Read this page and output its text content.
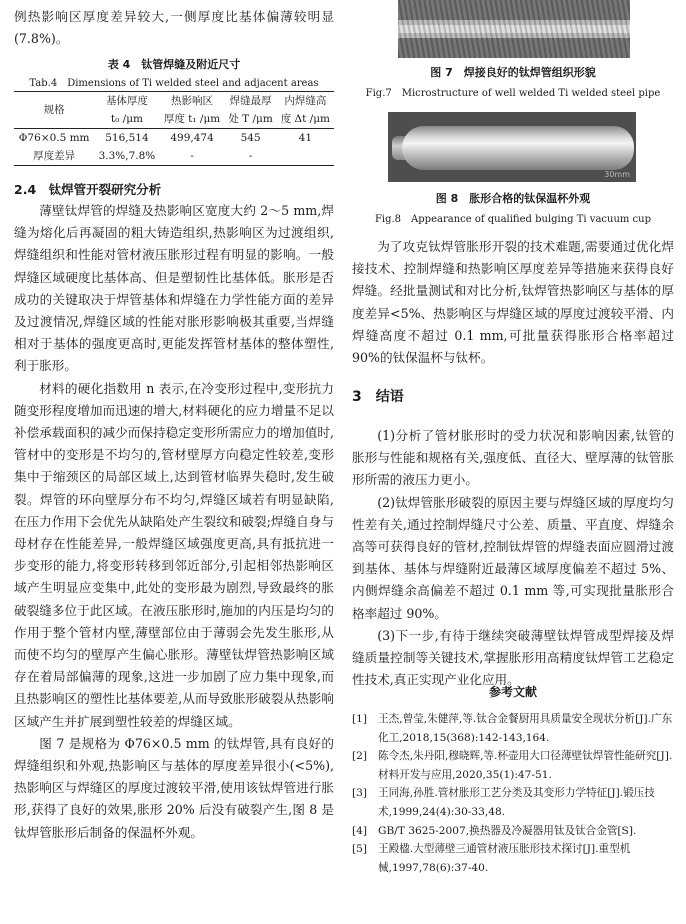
例热影响区厚度差异较大,一侧厚度比基体偏薄较明显(7.8%)。

表 4　钛管焊缝及附近尺寸
Tab.4　Dimensions of Ti welded steel and adjacent areas
规格	基体厚度	热影响区	焊缝最厚	内焊缝高
	t₀ /μm	厚度 t₁ /μm	处 T /μm	度 Δt /μm
Φ76×0.5 mm	516,514	499,474	545	41
厚度差异	3.3%,7.8%	-	-	
2.4　钛焊管开裂研究分析

薄壁钛焊管的焊缝及热影响区宽度大约 2～5 mm,焊缝为熔化后再凝固的粗大铸造组织,热影响区为过渡组织,焊缝组织和性能对管材液压胀形过程有明显的影响。一般焊缝区域硬度比基体高、但是塑韧性比基体低。胀形是否成功的关键取决于焊管基体和焊缝在力学性能方面的差异及过渡情况,焊缝区域的性能对胀形影响极其重要,当焊缝相对于基体的强度更高时,更能发挥管材基体的整体塑性,利于胀形。

材料的硬化指数用 n 表示,在冷变形过程中,变形抗力随变形程度增加而迅速的增大,材料硬化的应力增量不足以补偿承载面积的减少而保持稳定变形所需应力的增加值时,管材中的变形是不均匀的,管材壁厚方向稳定性较差,变形集中于缩颈区的局部区域上,达到管材临界失稳时,发生破裂。焊管的环向壁厚分布不均匀,焊缝区域若有明显缺陷,在压力作用下会优先从缺陷处产生裂纹和破裂;焊缝自身与母材存在性能差异,一般焊缝区域强度更高,具有抵抗进一步变形的能力,将变形转移到邻近部分,引起相邻热影响区域产生明显应变集中,此处的变形最为剧烈,导致最终的胀破裂缝多位于此区域。在液压胀形时,施加的内压是均匀的作用于整个管材内壁,薄壁部位由于薄弱会先发生胀形,从而使不均匀的壁厚产生偏心胀形。薄壁钛焊管热影响区域存在着局部偏薄的现象,这进一步加剧了应力集中现象,而且热影响区的塑性比基体要差,从而导致胀形破裂从热影响区域产生并扩展到塑性较差的焊缝区域。

图 7 是规格为 Φ76×0.5 mm 的钛焊管,具有良好的焊缝组织和外观,热影响区与基体的厚度差异很小(<5%),热影响区与焊缝区的厚度过渡较平滑,使用该钛焊管进行胀形,获得了良好的效果,胀形 20% 后没有破裂产生,图 8 是钛焊管胀形后制备的保温杯外观。

图 7　焊接良好的钛焊管组织形貌
Fig.7　Microstructure of well welded Ti welded steel pipe
30mm
图 8　胀形合格的钛保温杯外观
Fig.8　Appearance of qualified bulging Ti vacuum cup

为了攻克钛焊管胀形开裂的技术难题,需要通过优化焊接技术、控制焊缝和热影响区厚度差异等措施来获得良好焊缝。经批量测试和对比分析,钛焊管热影响区与基体的厚度差异<5%、热影响区与焊缝区域的厚度过渡较平滑、内焊缝高度不超过 0.1 mm,可批量获得胀形合格率超过 90%的钛保温杯与钛杯。

3　结语

(1)分析了管材胀形时的受力状况和影响因素,钛管的胀形与性能和规格有关,强度低、直径大、壁厚薄的钛管胀形所需的液压力更小。

(2)钛焊管胀形破裂的原因主要与焊缝区域的厚度均匀性差有关,通过控制焊缝尺寸公差、质量、平直度、焊缝余高等可获得良好的管材,控制钛焊管的焊缝表面应圆滑过渡到基体、基体与焊缝附近最薄区域厚度偏差不超过 5%、内侧焊缝余高偏差不超过 0.1 mm 等,可实现批量胀形合格率超过 90%。

(3)下一步,有待于继续突破薄壁钛焊管成型焊接及焊缝质量控制等关键技术,掌握胀形用高精度钛焊管工艺稳定性技术,真正实现产业化应用。

参考文献
[1]	王杰,曾莹,朱健萍,等.钛合金餐厨用具质量安全现状分析[J].广东化工,2018,15(368):142-143,164.
[2]	陈令杰,朱丹阳,穆晓辉,等.杯壶用大口径薄壁钛焊管性能研究[J].材料开发与应用,2020,35(1):47-51.
[3]	王同海,孙胜.管材胀形工艺分类及其变形力学特征[J].锻压技术,1999,24(4):30-33,48.
[4]	GB/T 3625-2007,换热器及冷凝器用钛及钛合金管[S].
[5]	王殿楹.大型薄壁三通管材液压胀形技术探讨[J].重型机械,1997,78(6):37-40.
